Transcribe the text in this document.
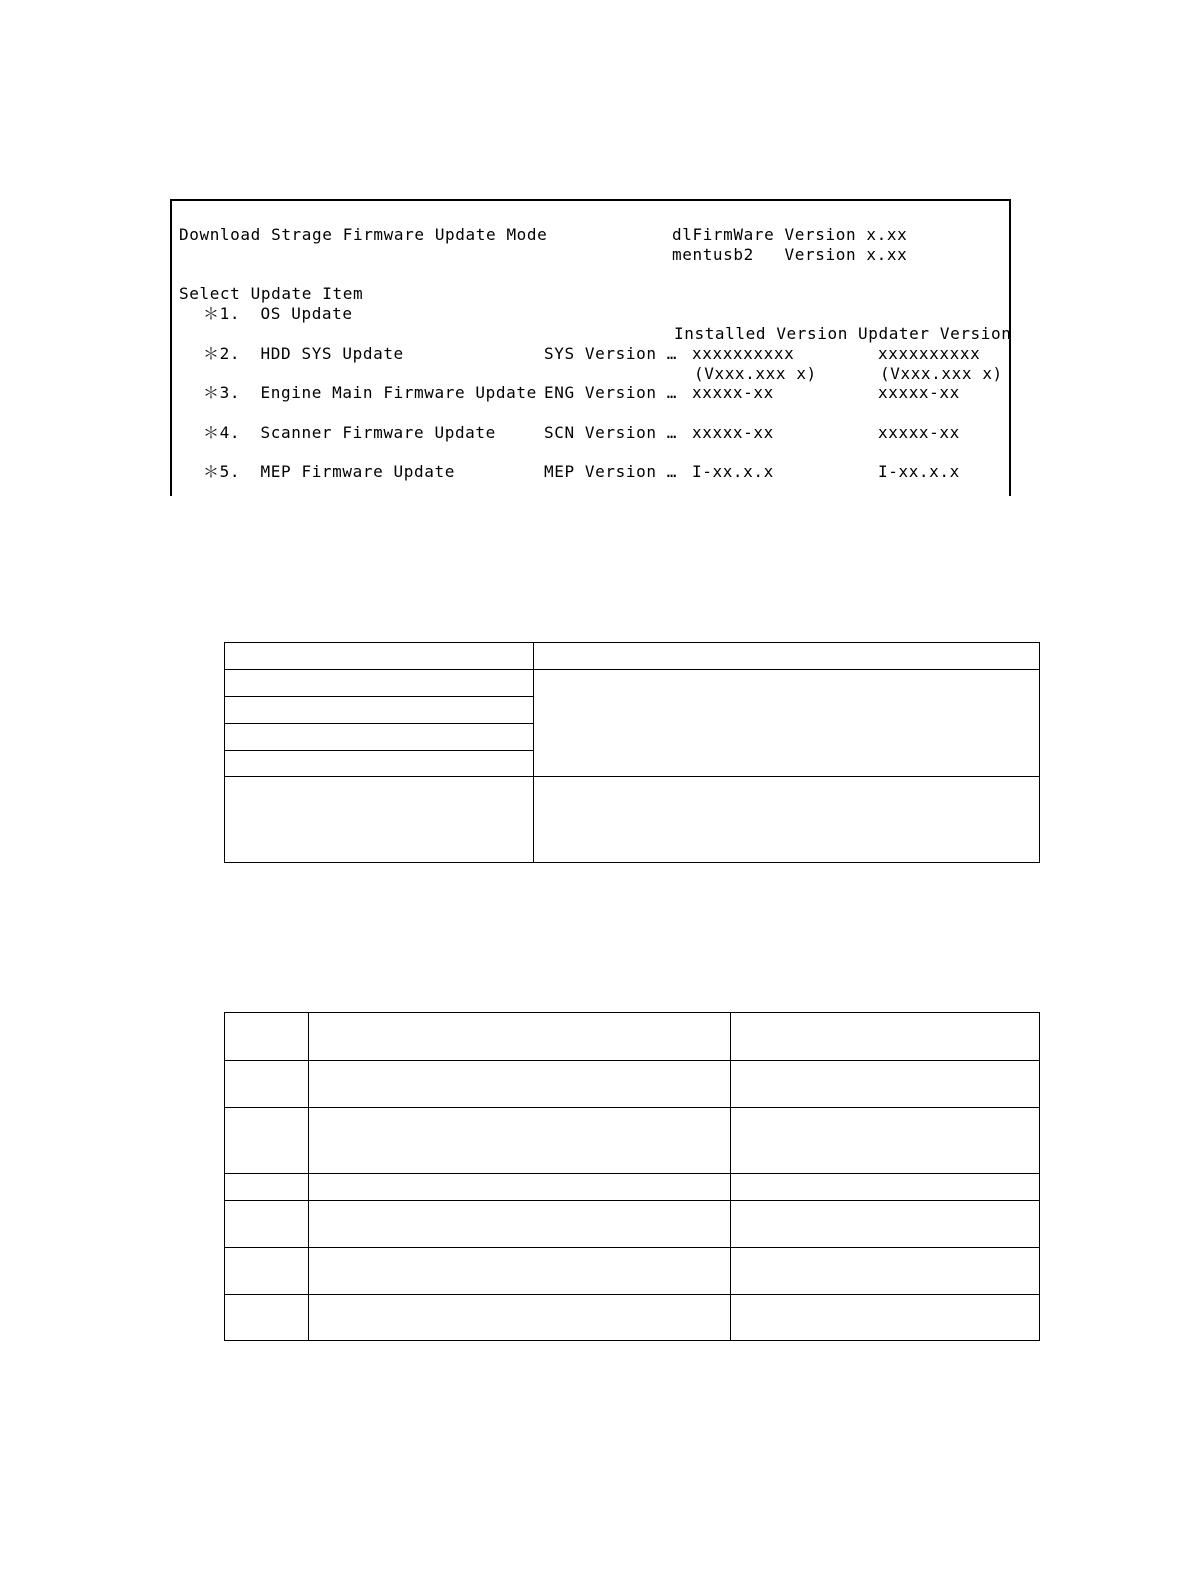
Download Strage Firmware Update Mode	dlFirmWare Version x.xx
mentusb2   Version x.xx
Select Update Item
＊1.  OS Update
Installed Version Updater Version
＊2.  HDD SYS Update	SYS Version … xxxxxxxxxx	xxxxxxxxxx
(Vxxx.xxx x)	(Vxxx.xxx x)
＊3.  Engine Main Firmware Update ENG Version … xxxxx-xx	xxxxx-xx
＊4.  Scanner Firmware Update	SCN Version … xxxxx-xx	xxxxx-xx
＊5.  MEP Firmware Update	MEP Version … I-xx.x.x	I-xx.x.x
